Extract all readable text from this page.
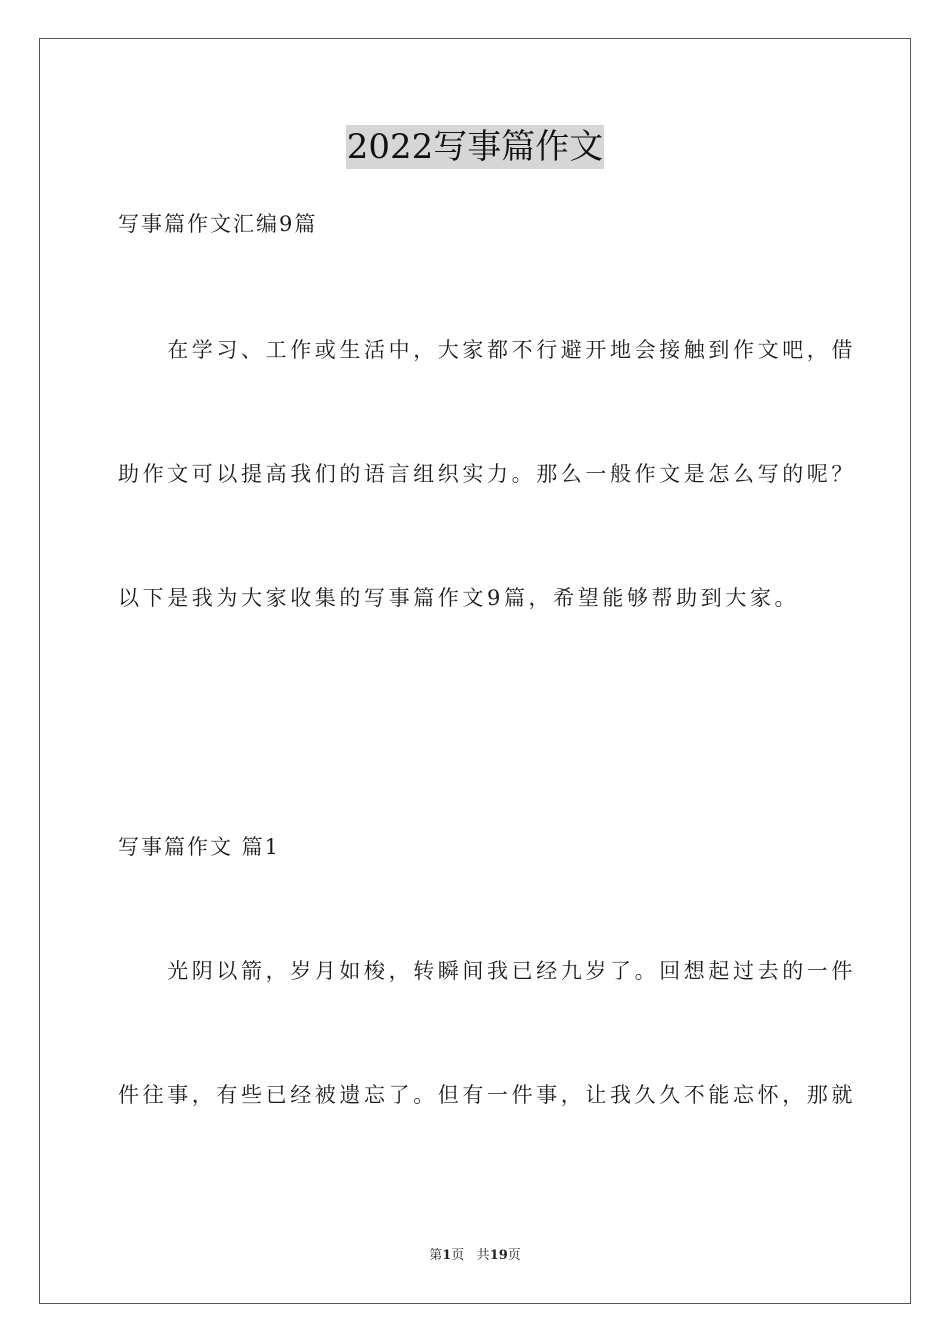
2022写事篇作文
写事篇作文汇编9篇
　　在学习、工作或生活中，大家都不行避开地会接触到作文吧，借
助作文可以提高我们的语言组织实力。那么一般作文是怎么写的呢？
以下是我为大家收集的写事篇作文9篇，希望能够帮助到大家。
写事篇作文 篇1
　　光阴以箭，岁月如梭，转瞬间我已经九岁了。回想起过去的一件
件往事，有些已经被遗忘了。但有一件事，让我久久不能忘怀，那就
第1页 共19页
